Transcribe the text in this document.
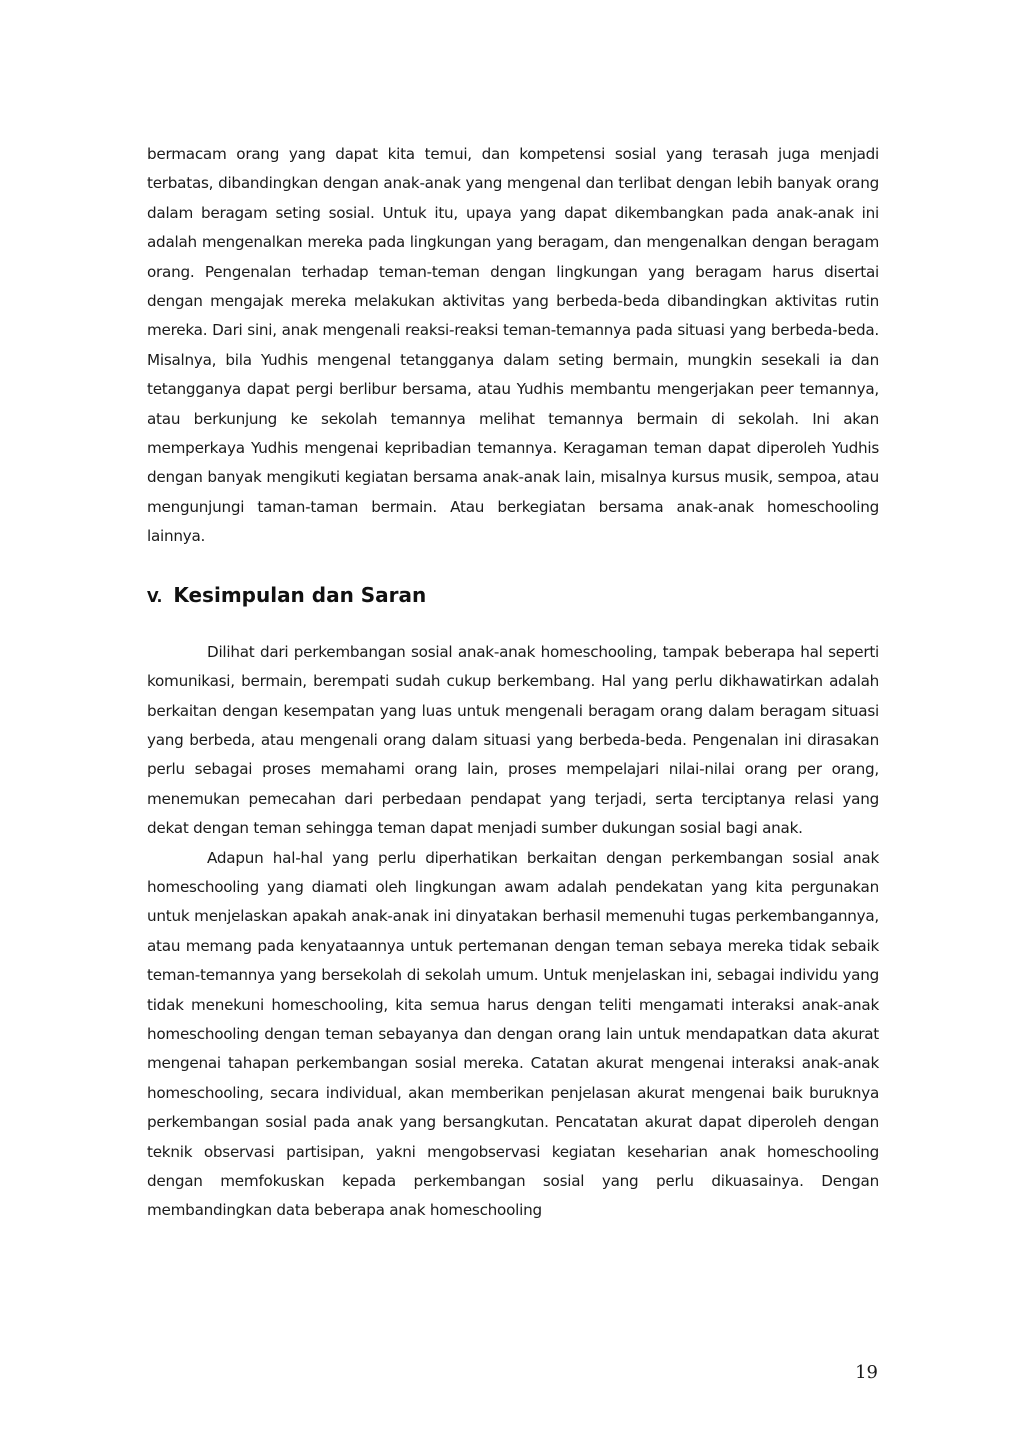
bermacam orang yang dapat kita temui, dan kompetensi sosial yang terasah juga menjadi terbatas, dibandingkan dengan anak-anak yang mengenal dan terlibat dengan lebih banyak orang dalam beragam seting sosial. Untuk itu, upaya yang dapat dikembangkan pada anak-anak ini adalah mengenalkan mereka pada lingkungan yang beragam, dan mengenalkan dengan beragam orang. Pengenalan terhadap teman-teman dengan lingkungan yang beragam harus disertai dengan mengajak mereka melakukan aktivitas yang berbeda-beda dibandingkan aktivitas rutin mereka. Dari sini, anak mengenali reaksi-reaksi teman-temannya pada situasi yang berbeda-beda. Misalnya, bila Yudhis mengenal tetangganya dalam seting bermain, mungkin sesekali ia dan tetangganya dapat pergi berlibur bersama, atau Yudhis membantu mengerjakan peer temannya, atau berkunjung ke sekolah temannya melihat temannya bermain di sekolah. Ini akan memperkaya Yudhis mengenai kepribadian temannya. Keragaman teman dapat diperoleh Yudhis dengan banyak mengikuti kegiatan bersama anak-anak lain, misalnya kursus musik, sempoa, atau mengunjungi taman-taman bermain. Atau berkegiatan bersama anak-anak homeschooling lainnya.

V. Kesimpulan dan Saran

Dilihat dari perkembangan sosial anak-anak homeschooling, tampak beberapa hal seperti komunikasi, bermain, berempati sudah cukup berkembang. Hal yang perlu dikhawatirkan adalah berkaitan dengan kesempatan yang luas untuk mengenali beragam orang dalam beragam situasi yang berbeda, atau mengenali orang dalam situasi yang berbeda-beda. Pengenalan ini dirasakan perlu sebagai proses memahami orang lain, proses mempelajari nilai-nilai orang per orang, menemukan pemecahan dari perbedaan pendapat yang terjadi, serta terciptanya relasi yang dekat dengan teman sehingga teman dapat menjadi sumber dukungan sosial bagi anak.

Adapun hal-hal yang perlu diperhatikan berkaitan dengan perkembangan sosial anak homeschooling yang diamati oleh lingkungan awam adalah pendekatan yang kita pergunakan untuk menjelaskan apakah anak-anak ini dinyatakan berhasil memenuhi tugas perkembangannya, atau memang pada kenyataannya untuk pertemanan dengan teman sebaya mereka tidak sebaik teman-temannya yang bersekolah di sekolah umum. Untuk menjelaskan ini, sebagai individu yang tidak menekuni homeschooling, kita semua harus dengan teliti mengamati interaksi anak-anak homeschooling dengan teman sebayanya dan dengan orang lain untuk mendapatkan data akurat mengenai tahapan perkembangan sosial mereka. Catatan akurat mengenai interaksi anak-anak homeschooling, secara individual, akan memberikan penjelasan akurat mengenai baik buruknya perkembangan sosial pada anak yang bersangkutan. Pencatatan akurat dapat diperoleh dengan teknik observasi partisipan, yakni mengobservasi kegiatan keseharian anak homeschooling dengan memfokuskan kepada perkembangan sosial yang perlu dikuasainya. Dengan membandingkan data beberapa anak homeschooling

19
